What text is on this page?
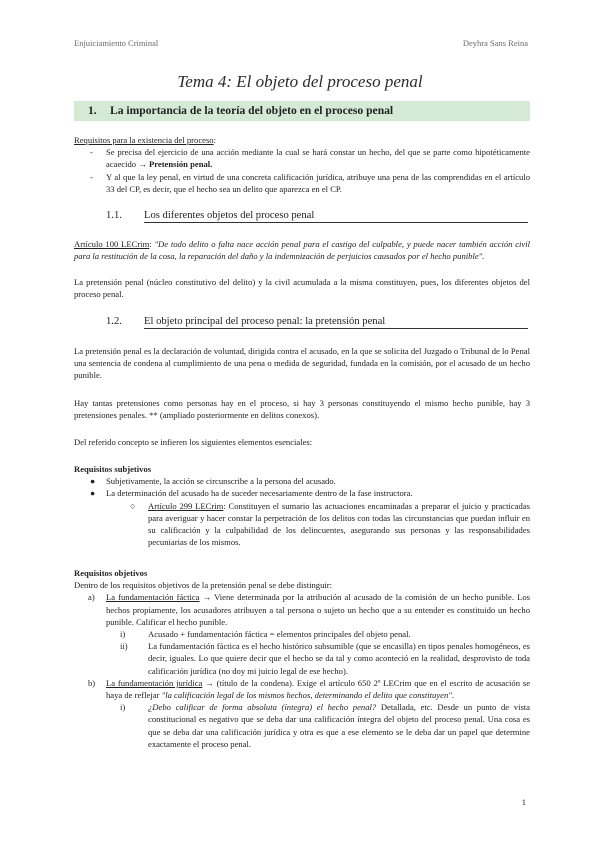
Enjuiciamiento Criminal	Deyhra Sans Reina
Tema 4: El objeto del proceso penal
1. La importancia de la teoría del objeto en el proceso penal
Requisitos para la existencia del proceso:
- Se precisa del ejercicio de una acción mediante la cual se hará constar un hecho, del que se parte como hipotéticamente acaecido → Pretensión penal.
- Y al que la ley penal, en virtud de una concreta calificación jurídica, atribuye una pena de las comprendidas en el artículo 33 del CP, es decir, que el hecho sea un delito que aparezca en el CP.
1.1. Los diferentes objetos del proceso penal
Artículo 100 LECrim: "De todo delito o falta nace acción penal para el castigo del culpable, y puede nacer también acción civil para la restitución de la cosa, la reparación del daño y la indemnización de perjuicios causados por el hecho punible".
La pretensión penal (núcleo constitutivo del delito) y la civil acumulada a la misma constituyen, pues, los diferentes objetos del proceso penal.
1.2. El objeto principal del proceso penal: la pretensión penal
La pretensión penal es la declaración de voluntad, dirigida contra el acusado, en la que se solicita del Juzgado o Tribunal de lo Penal una sentencia de condena al cumplimiento de una pena o medida de seguridad, fundada en la comisión, por el acusado de un hecho punible.
Hay tantas pretensiones como personas hay en el proceso, si hay 3 personas constituyendo el mismo hecho punible, hay 3 pretensiones penales. ** (ampliado posteriormente en delitos conexos).
Del referido concepto se infieren los siguientes elementos esenciales:
Requisitos subjetivos
● Subjetivamente, la acción se circunscribe a la persona del acusado.
● La determinación del acusado ha de suceder necesariamente dentro de la fase instructora.
○ Artículo 299 LECrim: Constituyen el sumario las actuaciones encaminadas a preparar el juicio y practicadas para averiguar y hacer constar la perpetración de los delitos con todas las circunstancias que puedan influir en su calificación y la culpabilidad de los delincuentes, asegurando sus personas y las responsabilidades pecuniarias de los mismos.
Requisitos objetivos
Dentro de los requisitos objetivos de la pretensión penal se debe distinguir:
a) La fundamentación fáctica → Viene determinada por la atribución al acusado de la comisión de un hecho punible. Los hechos propiamente, los acusadores atribuyen a tal persona o sujeto un hecho que a su entender es constituido un hecho punible. Calificar el hecho punible.
i)	Acusado + fundamentación fáctica = elementos principales del objeto penal.
ii) La fundamentación fáctica es el hecho histórico subsumible (que se encasilla) en tipos penales homogéneos, es decir, iguales. Lo que quiere decir que el hecho se da tal y como aconteció en la realidad, desprovisto de toda calificación jurídica (no doy mi juicio legal de ese hecho).
b) La fundamentación jurídica → (título de la condena). Exige el artículo 650 2º LECrim que en el escrito de acusación se haya de reflejar "la calificación legal de los mismos hechos, determinando el delito que constituyen".
i)	¿Debo calificar de forma absoluta (íntegra) el hecho penal? Detallada, etc. Desde un punto de vista constitucional es negativo que se deba dar una calificación íntegra del objeto del proceso penal. Una cosa es que se deba dar una calificación jurídica y otra es que a ese elemento se le deba dar un papel que determine exactamente el proceso penal.
1
